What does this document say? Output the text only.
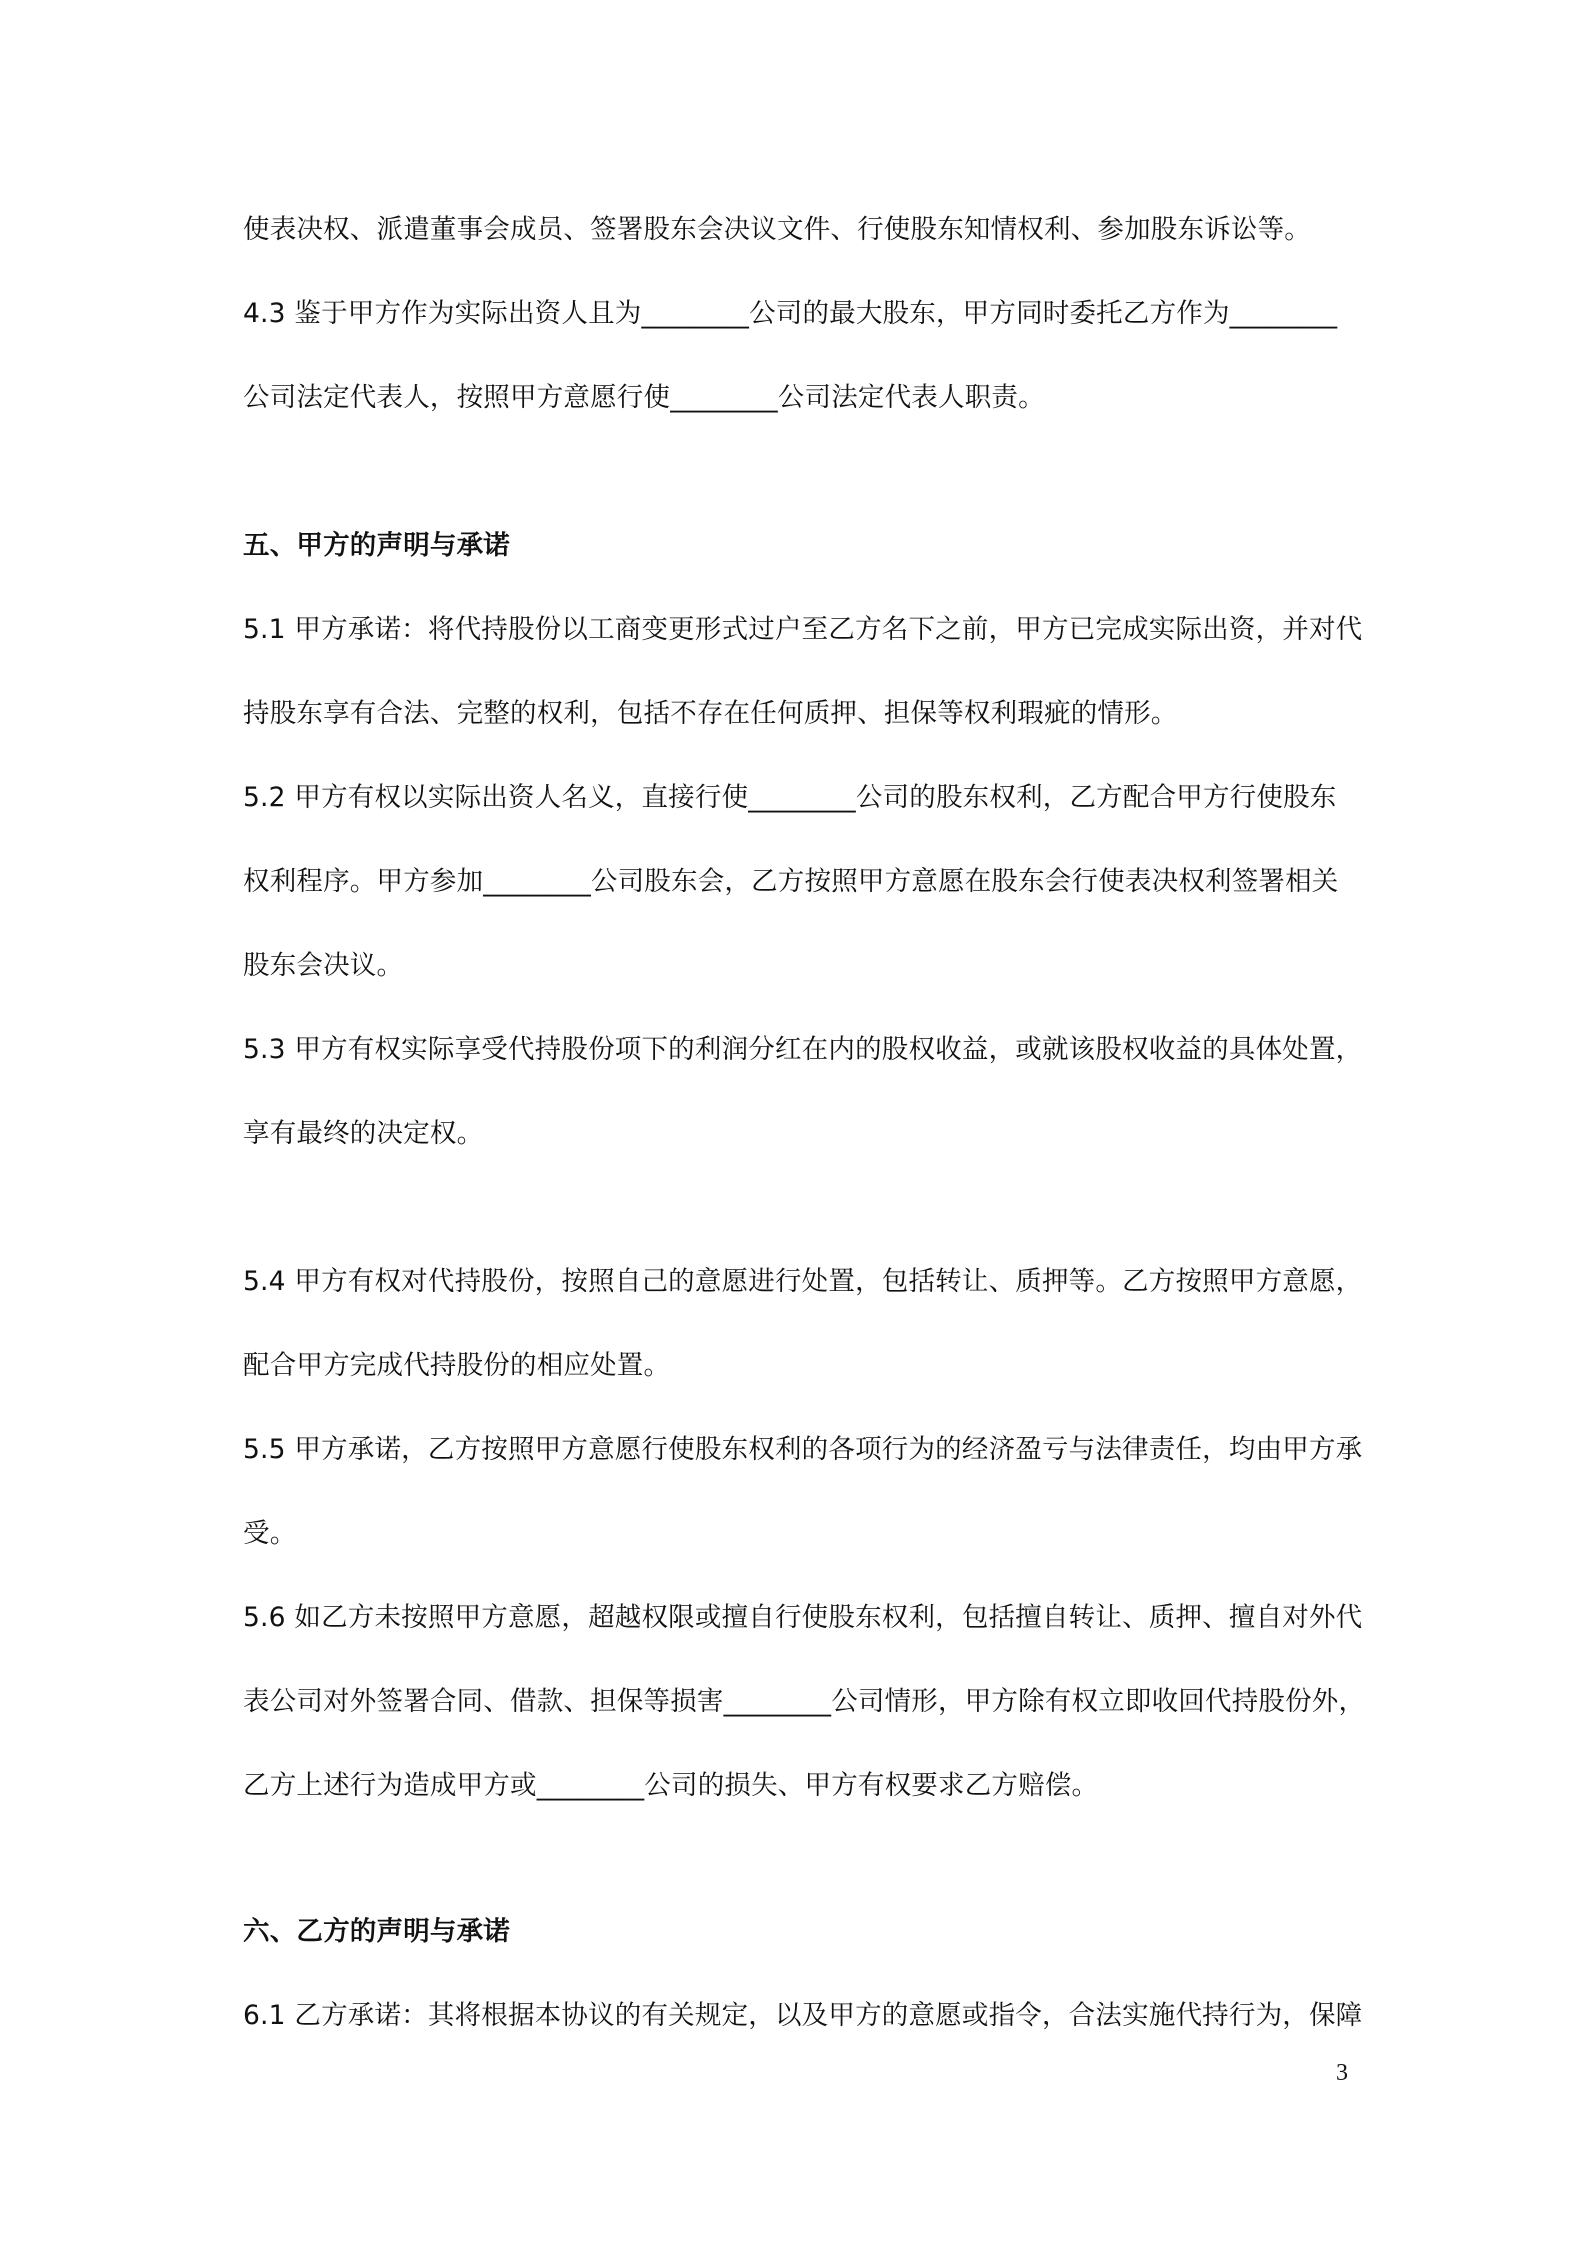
使表决权、派遣董事会成员、签署股东会决议文件、行使股东知情权利、参加股东诉讼等。
4.3 鉴于甲方作为实际出资人且为________公司的最大股东，甲方同时委托乙方作为________
公司法定代表人，按照甲方意愿行使________公司法定代表人职责。
五、甲方的声明与承诺
5.1 甲方承诺：将代持股份以工商变更形式过户至乙方名下之前，甲方已完成实际出资，并对代
持股东享有合法、完整的权利，包括不存在任何质押、担保等权利瑕疵的情形。
5.2 甲方有权以实际出资人名义，直接行使________公司的股东权利，乙方配合甲方行使股东
权利程序。甲方参加________公司股东会，乙方按照甲方意愿在股东会行使表决权利签署相关
股东会决议。
5.3 甲方有权实际享受代持股份项下的利润分红在内的股权收益，或就该股权收益的具体处置，
享有最终的决定权。
5.4 甲方有权对代持股份，按照自己的意愿进行处置，包括转让、质押等。乙方按照甲方意愿，
配合甲方完成代持股份的相应处置。
5.5 甲方承诺，乙方按照甲方意愿行使股东权利的各项行为的经济盈亏与法律责任，均由甲方承
受。
5.6 如乙方未按照甲方意愿，超越权限或擅自行使股东权利，包括擅自转让、质押、擅自对外代
表公司对外签署合同、借款、担保等损害________公司情形，甲方除有权立即收回代持股份外，
乙方上述行为造成甲方或________公司的损失、甲方有权要求乙方赔偿。
六、乙方的声明与承诺
6.1 乙方承诺：其将根据本协议的有关规定，以及甲方的意愿或指令，合法实施代持行为，保障
3
